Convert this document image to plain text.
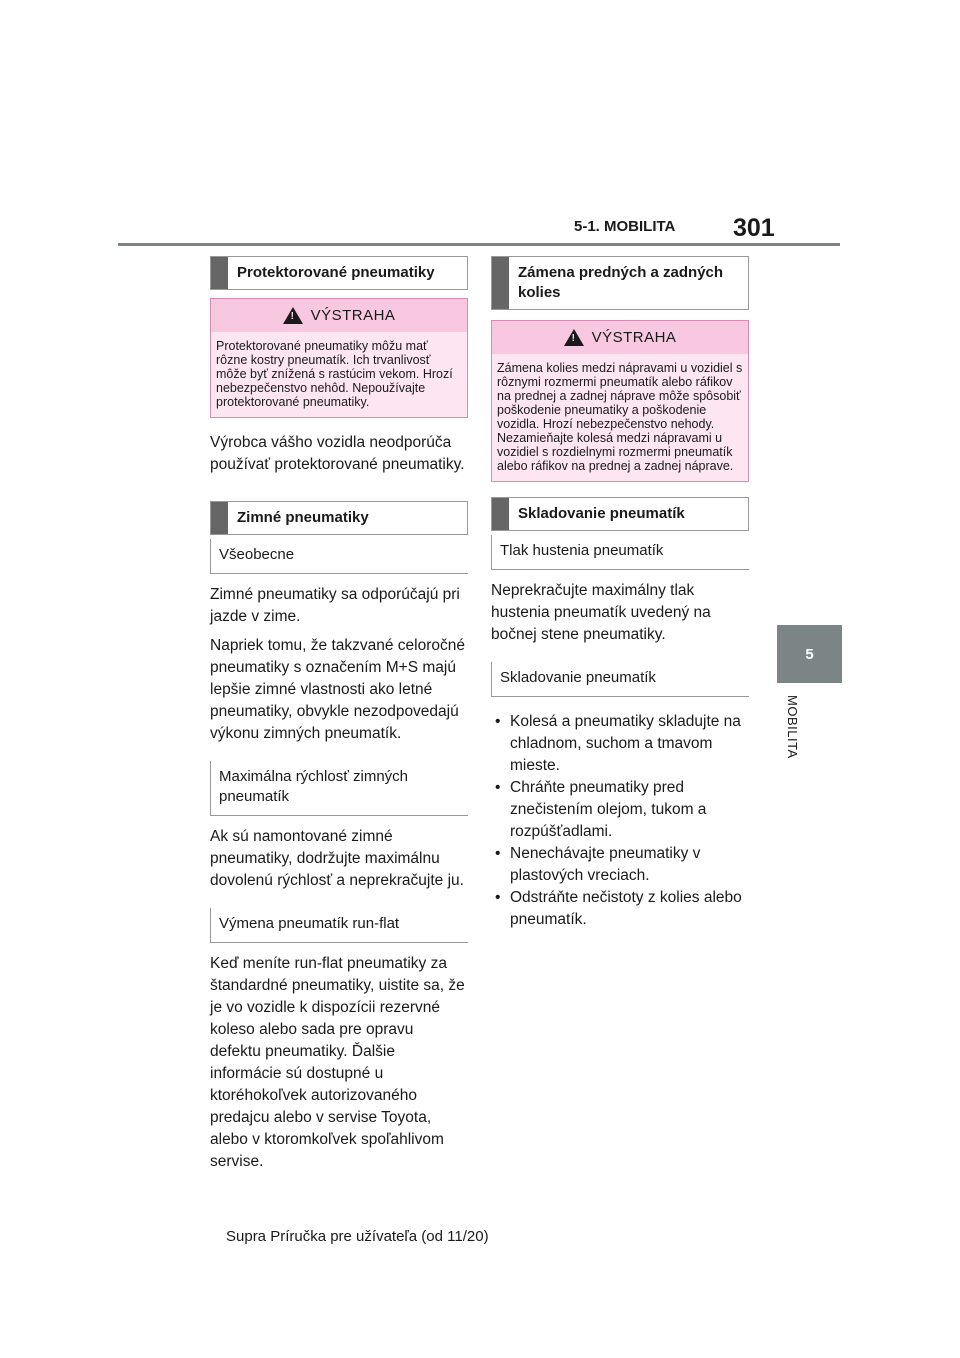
5-1. MOBILITA 301
5
MOBILITA
Protektorované pneumatiky
! VÝSTRAHA
Protektorované pneumatiky môžu mať rôzne kostry pneumatík. Ich trvanlivosť môže byť znížená s rastúcim vekom. Hrozí nebezpečenstvo nehôd. Nepoužívajte protektorované pneumatiky.

Výrobca vášho vozidla neodporúča používať protektorované pneumatiky.

Zimné pneumatiky
Všeobecne

Zimné pneumatiky sa odporúčajú pri jazde v zime.

Napriek tomu, že takzvané celoročné pneumatiky s označením M+S majú lepšie zimné vlastnosti ako letné pneumatiky, obvykle nezodpovedajú výkonu zimných pneumatík.

Maximálna rýchlosť zimných pneumatík

Ak sú namontované zimné pneumatiky, dodržujte maximálnu dovolenú rýchlosť a neprekračujte ju.

Výmena pneumatík run-flat

Keď meníte run-flat pneumatiky za štandardné pneumatiky, uistite sa, že je vo vozidle k dispozícii rezervné koleso alebo sada pre opravu defektu pneumatiky. Ďalšie informácie sú dostupné u ktoréhokoľvek autorizovaného predajcu alebo v servise Toyota, alebo v ktoromkoľvek spoľahlivom servise.

Zámena predných a zadných kolies
! VÝSTRAHA
Zámena kolies medzi nápravami u vozidiel s rôznymi rozmermi pneumatík alebo ráfikov na prednej a zadnej náprave môže spôsobiť poškodenie pneumatiky a poškodenie vozidla. Hrozí nebezpečenstvo nehody. Nezamieňajte kolesá medzi nápravami u vozidiel s rozdielnymi rozmermi pneumatík alebo ráfikov na prednej a zadnej náprave.
Skladovanie pneumatík
Tlak hustenia pneumatík

Neprekračujte maximálny tlak hustenia pneumatík uvedený na bočnej stene pneumatiky.

Skladovanie pneumatík
• Kolesá a pneumatiky skladujte na chladnom, suchom a tmavom mieste.
• Chráňte pneumatiky pred znečistením olejom, tukom a rozpúšťadlami.
• Nenechávajte pneumatiky v plastových vreciach.
• Odstráňte nečistoty z kolies alebo pneumatík.
Supra Príručka pre užívateľa (od 11/20)
